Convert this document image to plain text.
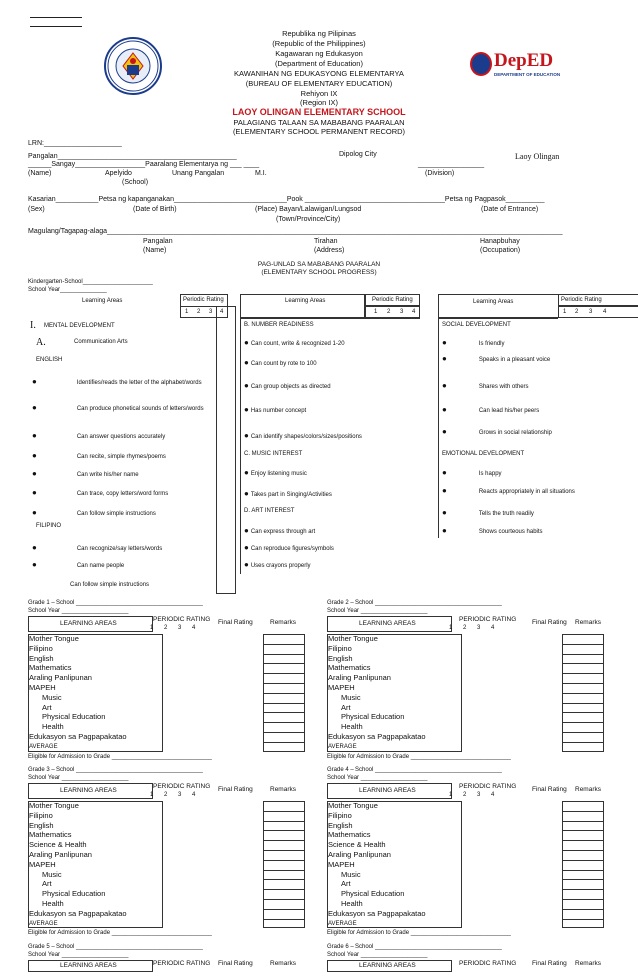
DepED
DEPARTMENT OF EDUCATION
Republika ng Pilipinas
(Republic of the Philippines)
Kagawaran ng Edukasyon
(Department of Education)
KAWANIHAN NG EDUKASYONG ELEMENTARYA
(BUREAU OF ELEMENTARY EDUCATION)
Rehiyon IX
(Region IX)
LAOY OLINGAN ELEMENTARY SCHOOL
PALAGIANG TALAAN SA MABABANG PAARALAN
(ELEMENTARY SCHOOL PERMANENT RECORD)
LRN:____________________
Pangalan______________________________________________	Dipolog City	Laoy Olingan
______Sangay__________________Paaralang Elementarya ng ___ ____	_________________
(Name)	Apelyido	Unang Pangalan	M.I.	(Division)
(School)
Kasarian___________Petsa ng kapanganakan_____________________________Pook ____________________________________Petsa ng Pagpasok__________
(Sex)	(Date of Birth)	(Place) Bayan/Lalawigan/Lungsod	(Date of Entrance)
(Town/Province/City)
Magulang/Tagapag-alaga_____________________________________________________________________________________________________________________
Pangalan	Tirahan	Hanapbuhay
(Name)	(Address)	(Occupation)
PAG-UNLAD SA MABABANG PAARALAN
(ELEMENTARY SCHOOL PROGRESS)
Kindergarten-School_____________________
School Year______________
Learning Areas	Periodic Rating
1 2 3 4
I. MENTAL DEVELOPMENT
A.	Communication Arts
ENGLISH
● Identifies/reads the letter of the alphabet/words
● Can produce phonetical sounds of letters/words
● Can answer questions accurately
● Can recite, simple rhymes/poems
● Can write his/her name
● Can trace, copy letters/word forms
● Can follow simple instructions
FILIPINO
● Can recognize/say letters/words
● Can name people
Can follow simple instructions
Learning Areas	Periodic Rating
1 2 3 4
B. NUMBER READINESS
● Can count, write & recognized 1-20
● Can count by rote to 100
● Can group objects as directed
● Has number concept
● Can identify shapes/colors/sizes/positions
C. MUSIC INTEREST
● Enjoy listening music
● Takes part in Singing/Activities
D. ART INTEREST
● Can express through art
● Can reproduce figures/symbols
● Uses crayons properly
Learning Areas	Periodic Rating
1 2 3 4
SOCIAL DEVELOPMENT
● Is friendly
● Speaks in a pleasant voice
● Shares with others
● Can lead his/her peers
● Grows in social relationship
EMOTIONAL DEVELOPMENT
● Is happy
● Reacts appropriately in all situations
● Tells the truth readily
● Shows courteous habits
Grade 1 – School ______________________________________
School Year ____________________
LEARNING AREAS
PERIODIC RATING
1 2 3 4
Final Rating	Remarks
Mother Tongue
Filipino
English
Mathematics
Araling Panlipunan
MAPEH
Music
Art
Physical Education
Health
Edukasyon sa Pagpapakatao
AVERAGE
Eligible for Admission to Grade ______________________________
Grade 2 – School ______________________________________
School Year ____________________
LEARNING AREAS
PERIODIC RATING
1 2 3 4
Final Rating Remarks
Mother Tongue
Filipino
English
Mathematics
Araling Panlipunan
MAPEH
Music
Art
Physical Education
Health
Edukasyon sa Pagpapakatao
AVERAGE
Eligible for Admission to Grade ______________________________
Grade 3 – School ______________________________________
School Year ____________________
LEARNING AREAS
PERIODIC RATING
1 2 3 4
Final Rating	Remarks
Mother Tongue
Filipino
English
Mathematics
Science & Health
Araling Panlipunan
MAPEH
Music
Art
Physical Education
Health
Edukasyon sa Pagpapakatao
AVERAGE
Eligible for Admission to Grade ______________________________
Grade 4 – School ______________________________________
School Year ____________________
LEARNING AREAS
PERIODIC RATING
1 2 3 4
Final Rating Remarks
Mother Tongue
Filipino
English
Mathematics
Science & Health
Araling Panlipunan
MAPEH
Music
Art
Physical Education
Health
Edukasyon sa Pagpapakatao
AVERAGE
Eligible for Admission to Grade ______________________________
Grade 5 – School ______________________________________
School Year ____________________
LEARNING AREAS	PERIODIC RATING Final Rating	Remarks
Grade 6 – School ______________________________________
School Year ____________________
LEARNING AREAS	PERIODIC RATING Final Rating Remarks
